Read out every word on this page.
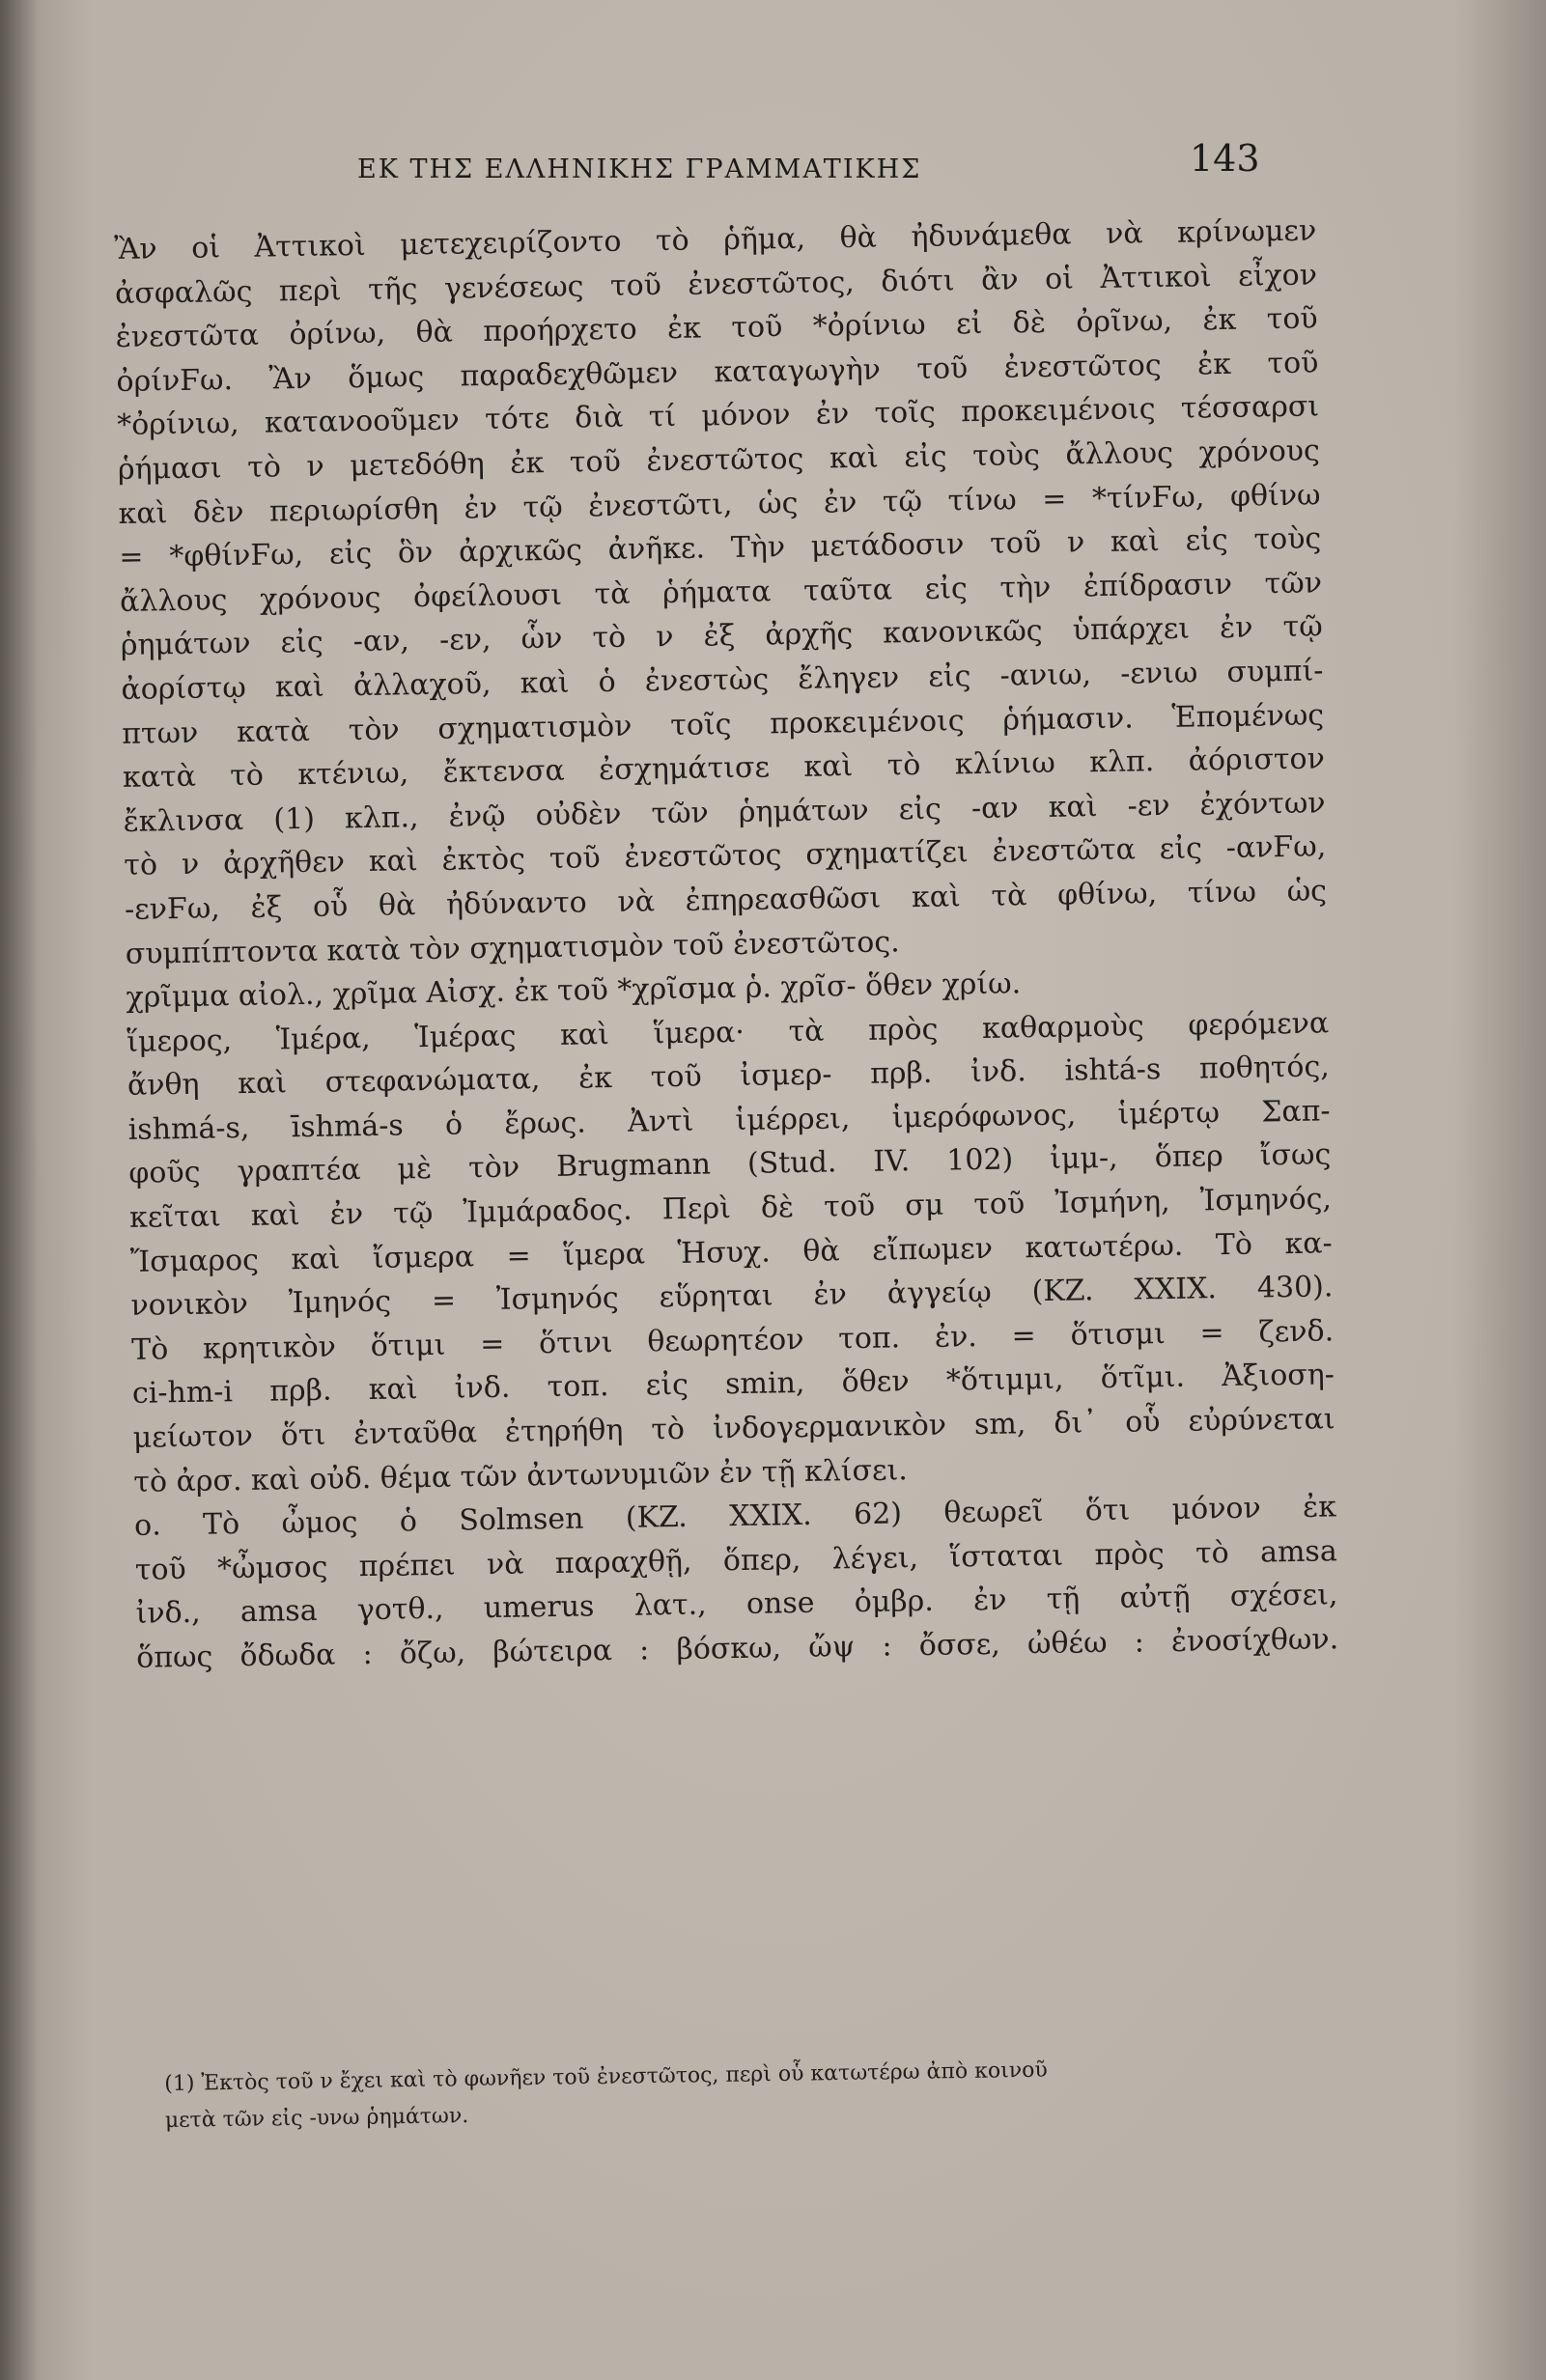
ΕΚ ΤΗΣ ΕΛΛΗΝΙΚΗΣ ΓΡΑΜΜΑΤΙΚΗΣ	143
Ἂν οἱ Ἀττικοὶ μετεχειρίζοντο τὸ ῥῆμα, θὰ ἠδυνάμεθα νὰ κρίνωμεν
ἀσφαλῶς περὶ τῆς γενέσεως τοῦ ἐνεστῶτος, διότι ἂν οἱ Ἀττικοὶ εἶχον
ἐνεστῶτα ὀρίνω, θὰ προήρχετο ἐκ τοῦ *ὀρίνιω εἰ δὲ ὀρῖνω, ἐκ τοῦ
ὀρίνϜω. Ἂν ὅμως παραδεχθῶμεν καταγωγὴν τοῦ ἐνεστῶτος ἐκ τοῦ
*ὀρίνιω, κατανοοῦμεν τότε διὰ τί μόνον ἐν τοῖς προκειμένοις τέσσαρσι
ῥήμασι τὸ ν μετεδόθη ἐκ τοῦ ἐνεστῶτος καὶ εἰς τοὺς ἄλλους χρόνους
καὶ δὲν περιωρίσθη ἐν τῷ ἐνεστῶτι, ὡς ἐν τῷ τίνω = *τίνϜω, φθίνω
= *φθίνϜω, εἰς ὃν ἀρχικῶς ἀνῆκε. Τὴν μετάδοσιν τοῦ ν καὶ εἰς τοὺς
ἄλλους χρόνους ὀφείλουσι τὰ ῥήματα ταῦτα εἰς τὴν ἐπίδρασιν τῶν
ῥημάτων εἰς -αν, -εν, ὧν τὸ ν ἐξ ἀρχῆς κανονικῶς ὑπάρχει ἐν τῷ
ἀορίστῳ καὶ ἀλλαχοῦ, καὶ ὁ ἐνεστὼς ἔληγεν εἰς -ανιω, -ενιω συμπί-
πτων κατὰ τὸν σχηματισμὸν τοῖς προκειμένοις ῥήμασιν. Ἑπομένως
κατὰ τὸ κτένιω, ἔκτενσα ἐσχημάτισε καὶ τὸ κλίνιω κλπ. ἀόριστον
ἔκλινσα (1) κλπ., ἐνῷ οὐδὲν τῶν ῥημάτων εἰς -αν καὶ -εν ἐχόντων
τὸ ν ἀρχῆθεν καὶ ἐκτὸς τοῦ ἐνεστῶτος σχηματίζει ἐνεστῶτα εἰς -ανϜω,
-ενϜω, ἐξ οὗ θὰ ἠδύναντο νὰ ἐπηρεασθῶσι καὶ τὰ φθίνω, τίνω ὡς
συμπίπτοντα κατὰ τὸν σχηματισμὸν τοῦ ἐνεστῶτος.
χρῖμμα αἰολ., χρῖμα Αἰσχ. ἐκ τοῦ *χρῖσμα ῥ. χρῖσ- ὅθεν χρίω.
ἵμερος, Ἱμέρα, Ἱμέρας καὶ ἵμερα· τὰ πρὸς καθαρμοὺς φερόμενα
ἄνθη καὶ στεφανώματα, ἐκ τοῦ ἰσμερ- πρβ. ἰνδ. ishtá-s ποθητός,
ishmá-s, īshmá-s ὁ ἔρως. Ἀντὶ ἱμέρρει, ἱμερόφωνος, ἱμέρτῳ Σαπ-
φοῦς γραπτέα μὲ τὸν Brugmann (Stud. IV. 102) ἰμμ-, ὅπερ ἴσως
κεῖται καὶ ἐν τῷ Ἰμμάραδος. Περὶ δὲ τοῦ σμ τοῦ Ἰσμήνη, Ἰσμηνός,
Ἴσμαρος καὶ ἴσμερα = ἵμερα Ἡσυχ. θὰ εἴπωμεν κατωτέρω. Τὸ κα-
νονικὸν Ἰμηνός = Ἰσμηνός εὕρηται ἐν ἀγγείῳ (KZ. XXIX. 430).
Τὸ κρητικὸν ὅτιμι = ὅτινι θεωρητέον τοπ. ἐν. = ὅτισμι = ζενδ.
ci-hm-i πρβ. καὶ ἰνδ. τοπ. εἰς smin, ὅθεν *ὅτιμμι, ὅτῖμι. Ἀξιοση-
μείωτον ὅτι ἐνταῦθα ἐτηρήθη τὸ ἰνδογερμανικὸν sm, δι᾽ οὗ εὐρύνεται
τὸ ἀρσ. καὶ οὐδ. θέμα τῶν ἀντωνυμιῶν ἐν τῇ κλίσει.
ο. Τὸ ὦμος ὁ Solmsen (KZ. XXIX. 62) θεωρεῖ ὅτι μόνον ἐκ
τοῦ *ὦμσος πρέπει νὰ παραχθῇ, ὅπερ, λέγει, ἵσταται πρὸς τὸ amsa
ἰνδ., amsa γοτθ., umerus λατ., onse ὀμβρ. ἐν τῇ αὐτῇ σχέσει,
ὅπως ὄδωδα : ὄζω, βώτειρα : βόσκω, ὤψ : ὄσσε, ὠθέω : ἐνοσίχθων.
(1) Ἐκτὸς τοῦ ν ἔχει καὶ τὸ φωνῆεν τοῦ ἐνεστῶτος, περὶ οὗ κατωτέρω ἀπὸ κοινοῦ
μετὰ τῶν εἰς -υνω ῥημάτων.
